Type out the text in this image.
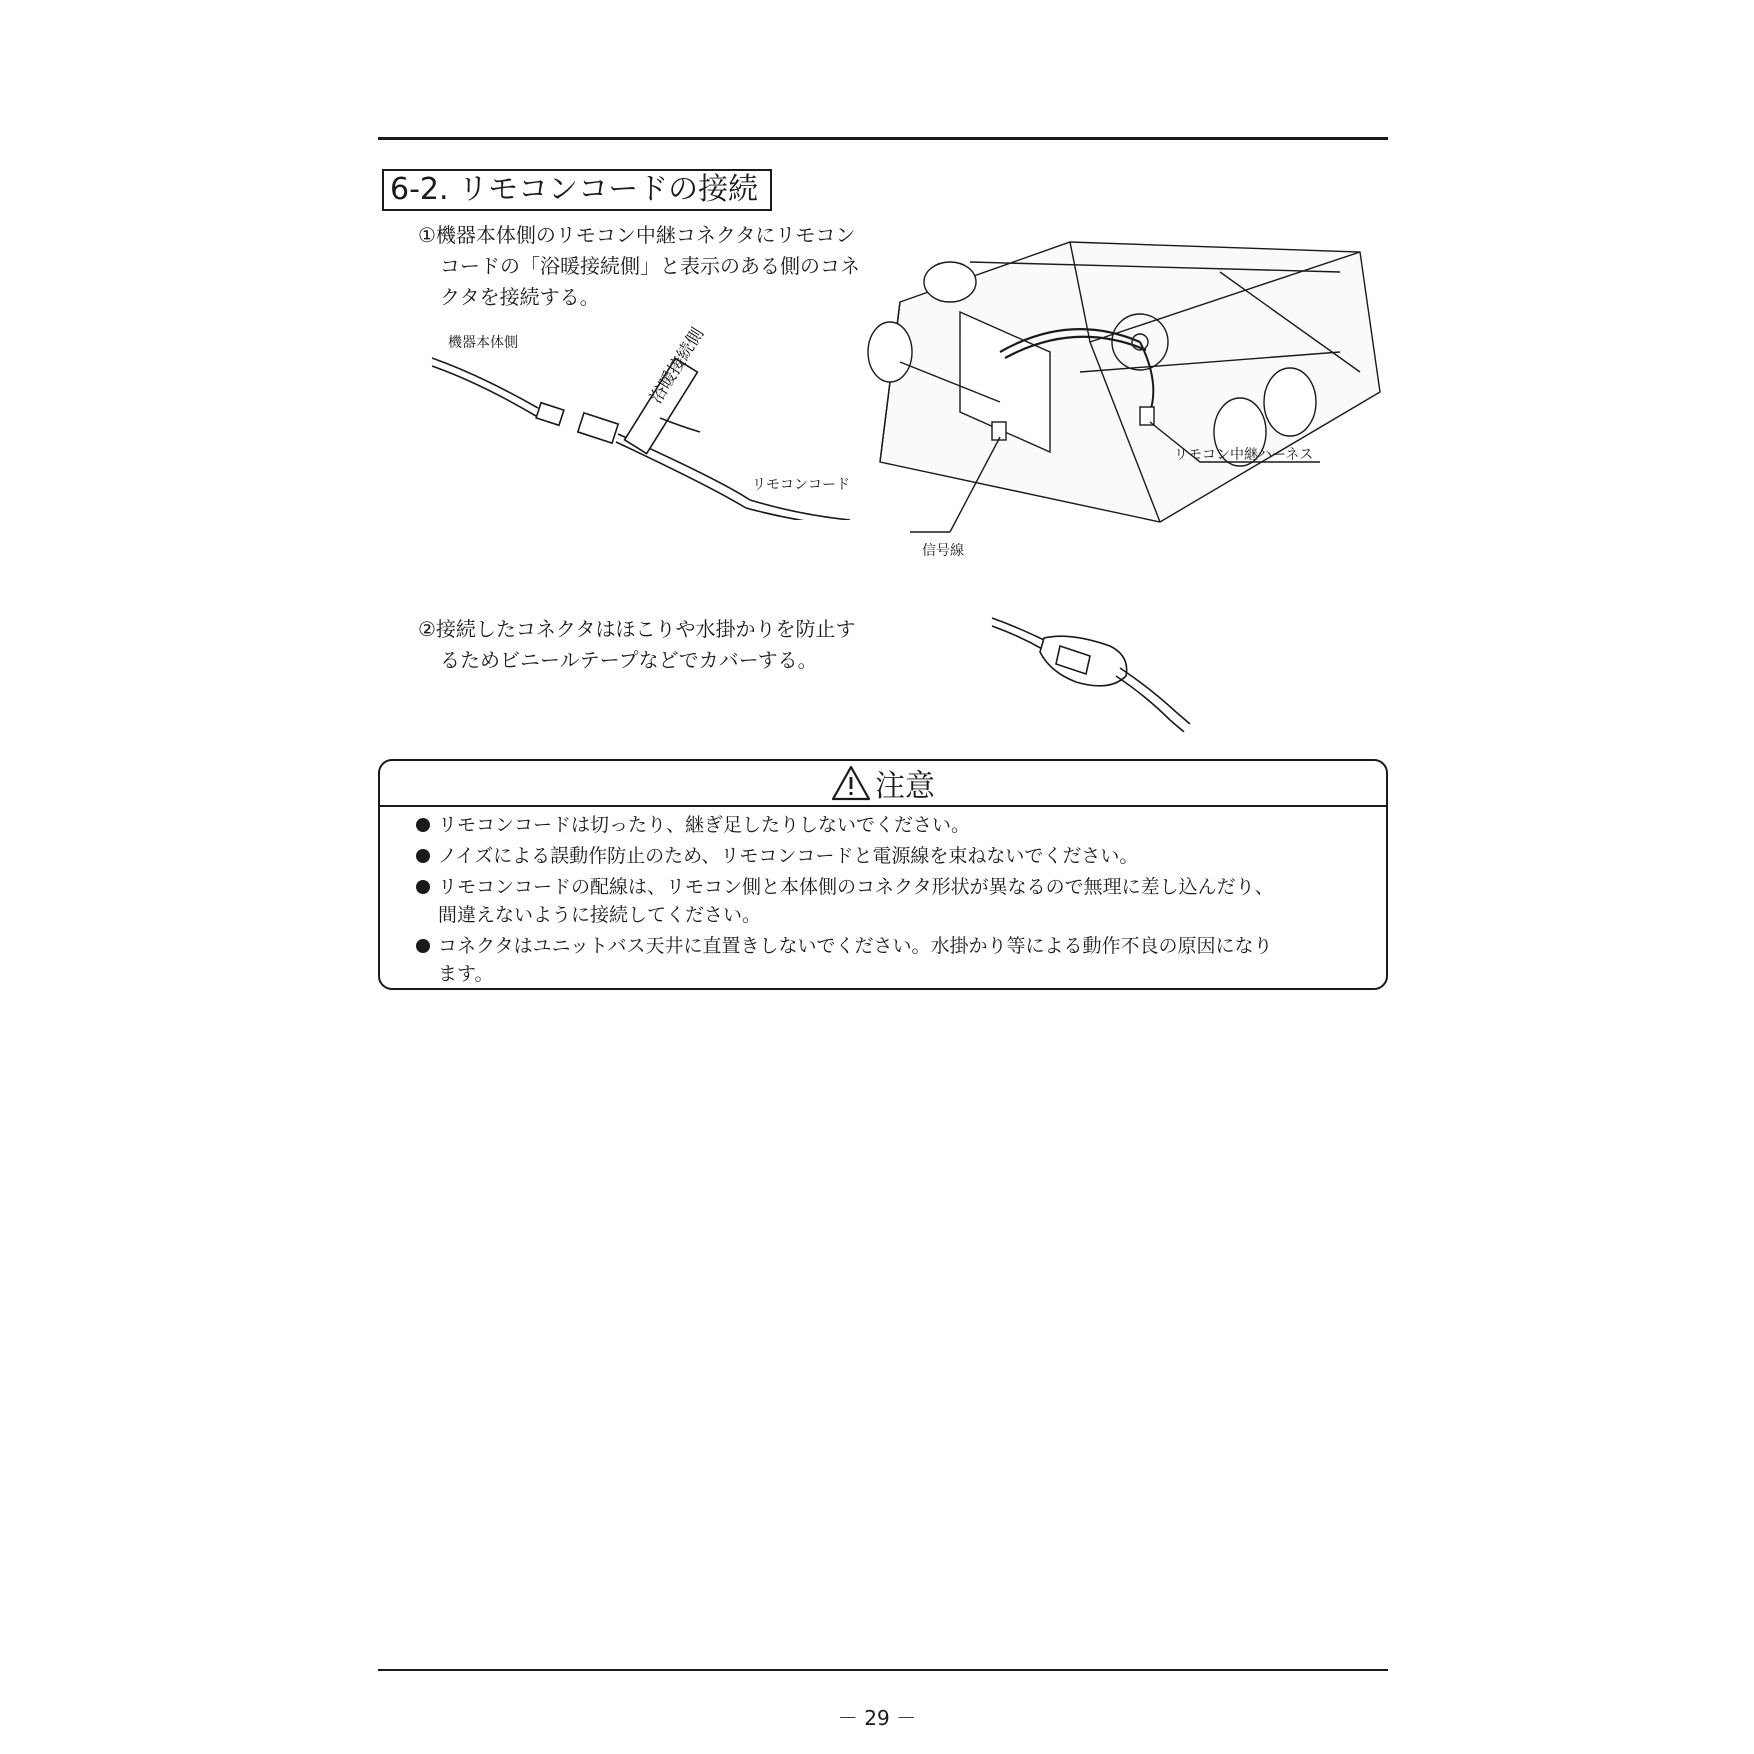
6-2. リモコンコードの接続
①機器本体側のリモコン中継コネクタにリモコン
コードの「浴暖接続側」と表示のある側のコネ
クタを接続する。
機器本体側	浴暖接続側
リモコンコード
リモコン中継ハーネス
信号線
②接続したコネクタはほこりや水掛かりを防止す
るためビニールテープなどでカバーする。
注意
リモコンコードは切ったり、継ぎ足したりしないでください。
ノイズによる誤動作防止のため、リモコンコードと電源線を束ねないでください。
リモコンコードの配線は、リモコン側と本体側のコネクタ形状が異なるので無理に差し込んだり、
間違えないように接続してください。
コネクタはユニットバス天井に直置きしないでください。水掛かり等による動作不良の原因になり
ます。
－ 29 －
